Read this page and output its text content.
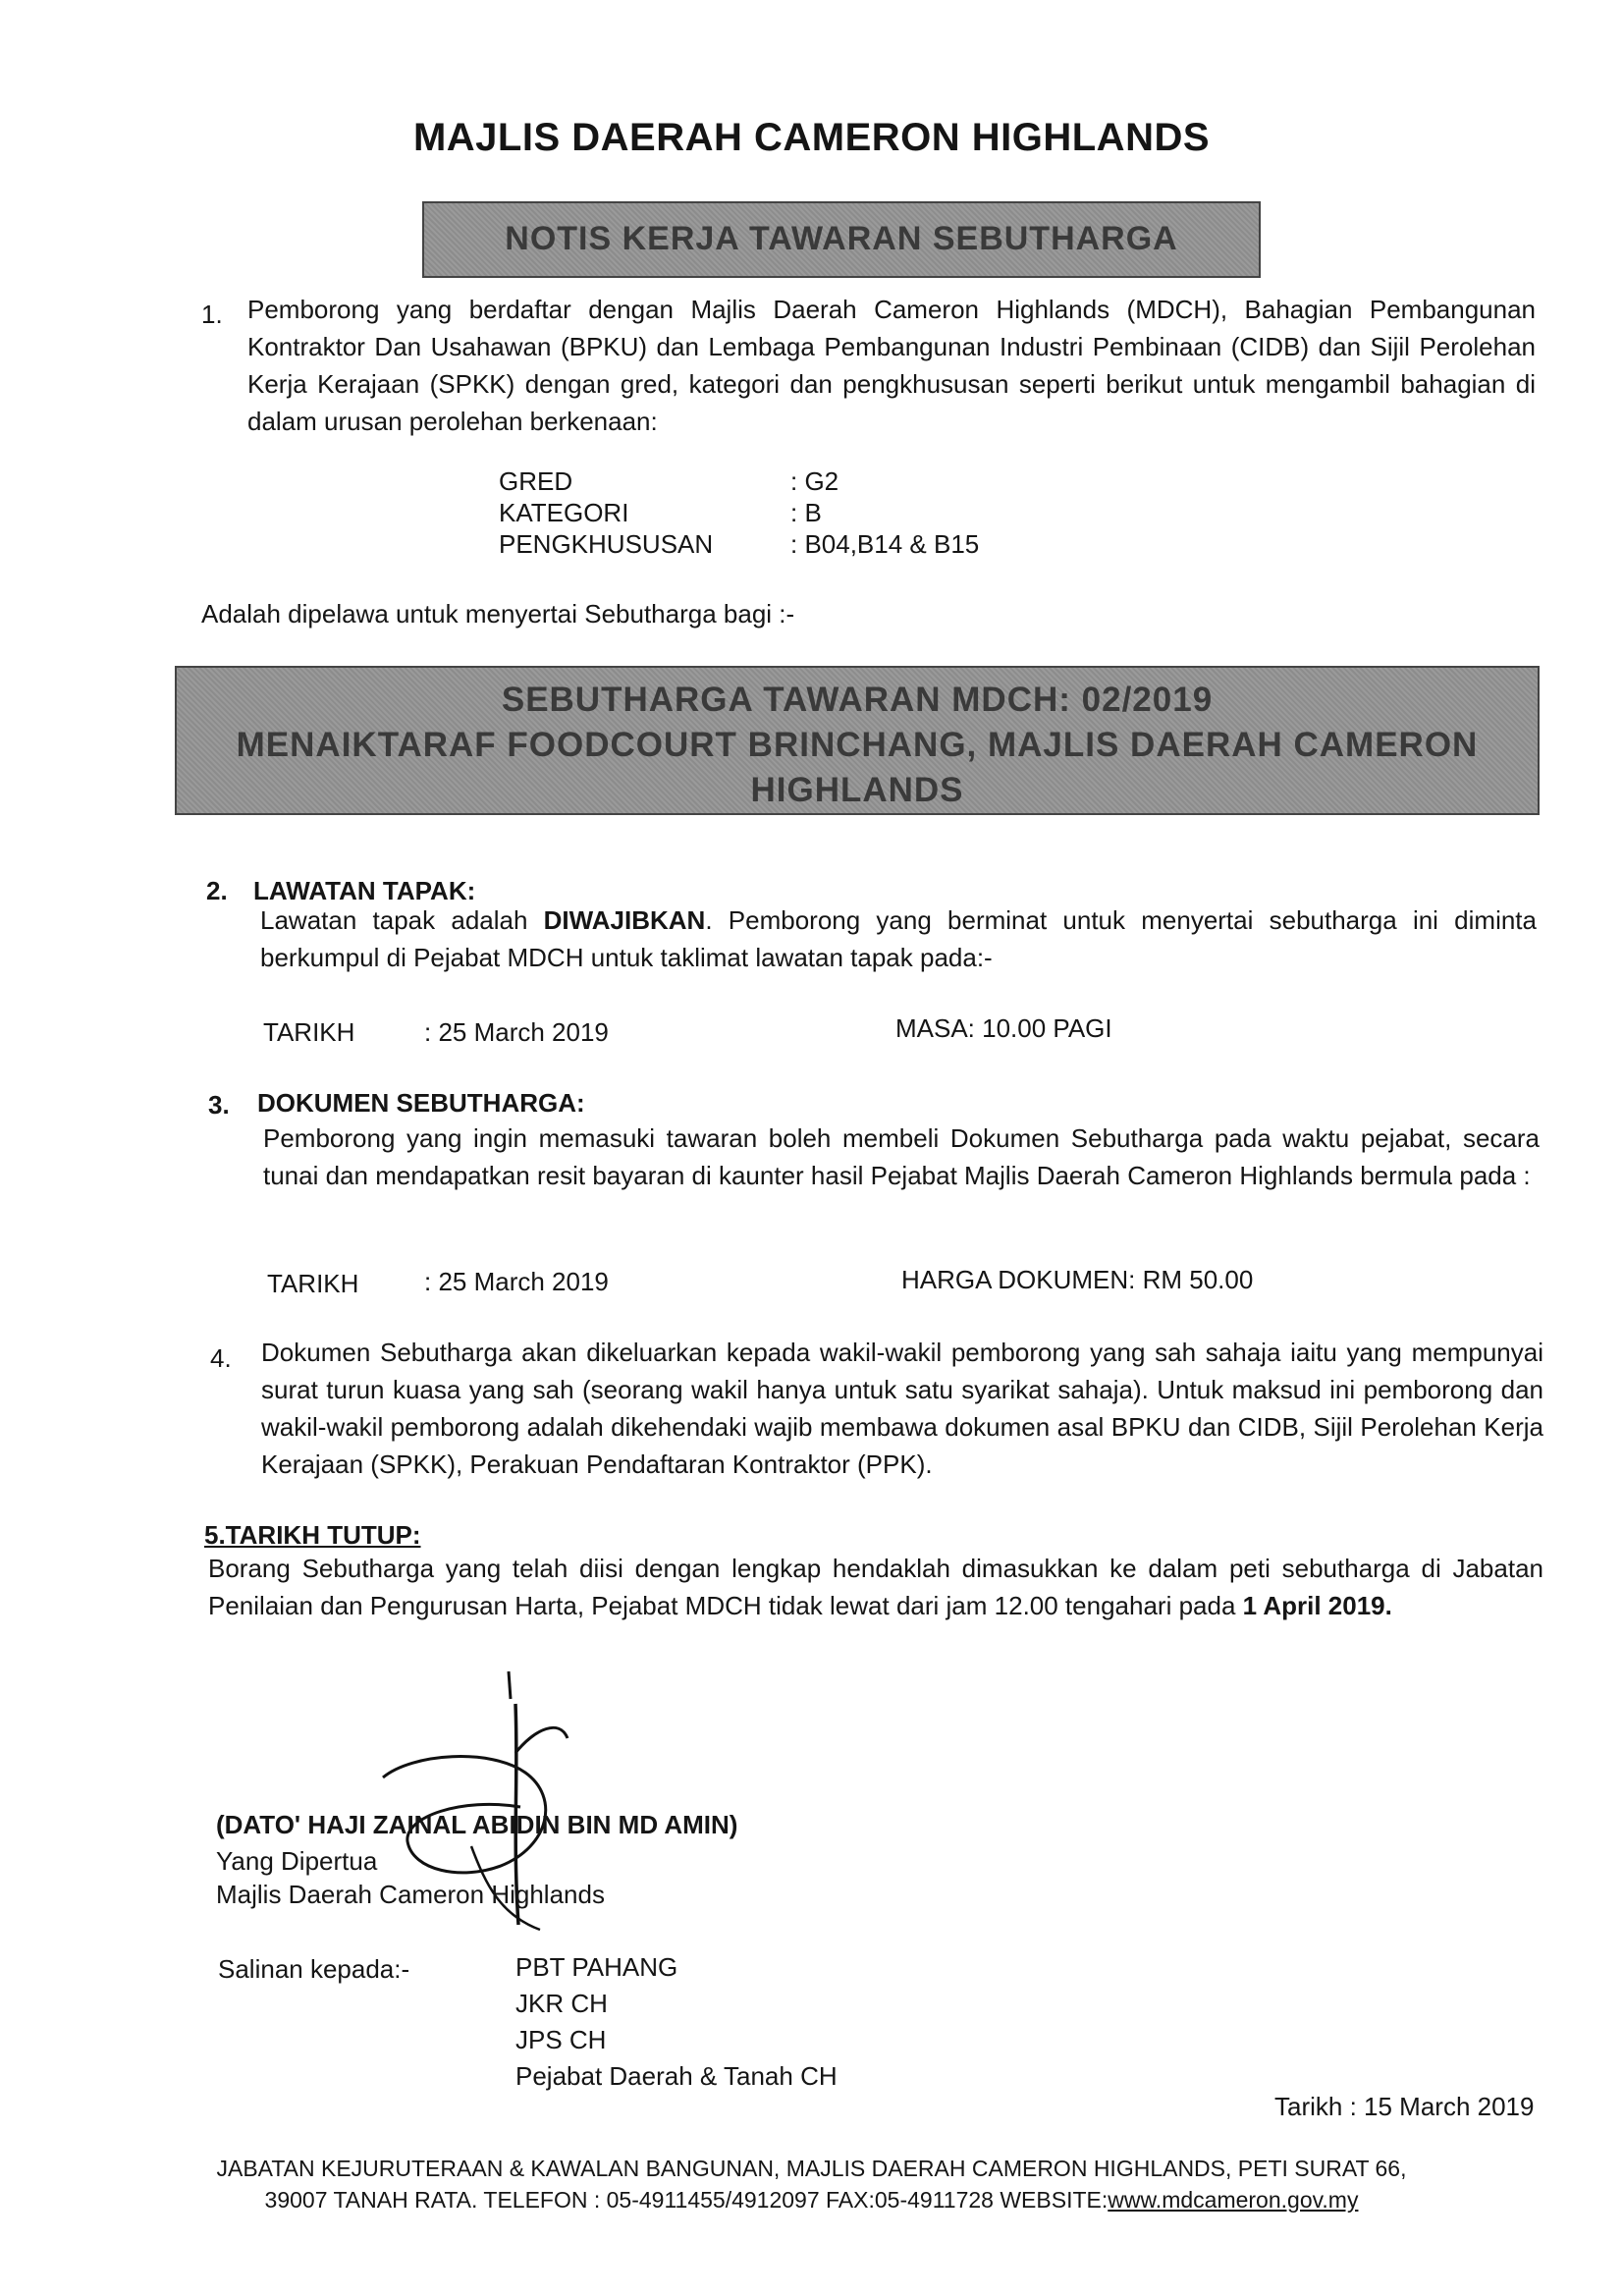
MAJLIS DAERAH CAMERON HIGHLANDS
NOTIS KERJA TAWARAN SEBUTHARGA
1. Pemborong yang berdaftar dengan Majlis Daerah Cameron Highlands (MDCH), Bahagian Pembangunan Kontraktor Dan Usahawan (BPKU) dan Lembaga Pembangunan Industri Pembinaan (CIDB) dan Sijil Perolehan Kerja Kerajaan (SPKK) dengan gred, kategori dan pengkhususan seperti berikut untuk mengambil bahagian di dalam urusan perolehan berkenaan:
GRED	: G2
KATEGORI	: B
PENGKHUSUSAN	: B04,B14 & B15
Adalah dipelawa untuk menyertai Sebutharga bagi :-
SEBUTHARGA TAWARAN MDCH: 02/2019
MENAIKTARAF FOODCOURT BRINCHANG, MAJLIS DAERAH CAMERON
HIGHLANDS
2. LAWATAN TAPAK:
Lawatan tapak adalah DIWAJIBKAN. Pemborong yang berminat untuk menyertai sebutharga ini diminta berkumpul di Pejabat MDCH untuk taklimat lawatan tapak pada:-
TARIKH	: 25 March 2019	MASA: 10.00 PAGI
3. DOKUMEN SEBUTHARGA:
Pemborong yang ingin memasuki tawaran boleh membeli Dokumen Sebutharga pada waktu pejabat, secara tunai dan mendapatkan resit bayaran di kaunter hasil Pejabat Majlis Daerah Cameron Highlands bermula pada :
TARIKH	: 25 March 2019	HARGA DOKUMEN: RM 50.00
4. Dokumen Sebutharga akan dikeluarkan kepada wakil-wakil pemborong yang sah sahaja iaitu yang mempunyai surat turun kuasa yang sah (seorang wakil hanya untuk satu syarikat sahaja). Untuk maksud ini pemborong dan wakil-wakil pemborong adalah dikehendaki wajib membawa dokumen asal BPKU dan CIDB, Sijil Perolehan Kerja Kerajaan (SPKK), Perakuan Pendaftaran Kontraktor (PPK).
5.TARIKH TUTUP:
Borang Sebutharga yang telah diisi dengan lengkap hendaklah dimasukkan ke dalam peti sebutharga di Jabatan Penilaian dan Pengurusan Harta, Pejabat MDCH tidak lewat dari jam 12.00 tengahari pada 1 April 2019.
(DATO' HAJI ZAINAL ABIDIN BIN MD AMIN)
Yang Dipertua
Majlis Daerah Cameron Highlands
Salinan kepada:-	PBT PAHANG
JKR CH
JPS CH
Pejabat Daerah & Tanah CH
Tarikh : 15 March 2019
JABATAN KEJURUTERAAN & KAWALAN BANGUNAN, MAJLIS DAERAH CAMERON HIGHLANDS, PETI SURAT 66,
39007 TANAH RATA. TELEFON : 05-4911455/4912097 FAX:05-4911728 WEBSITE:www.mdcameron.gov.my
